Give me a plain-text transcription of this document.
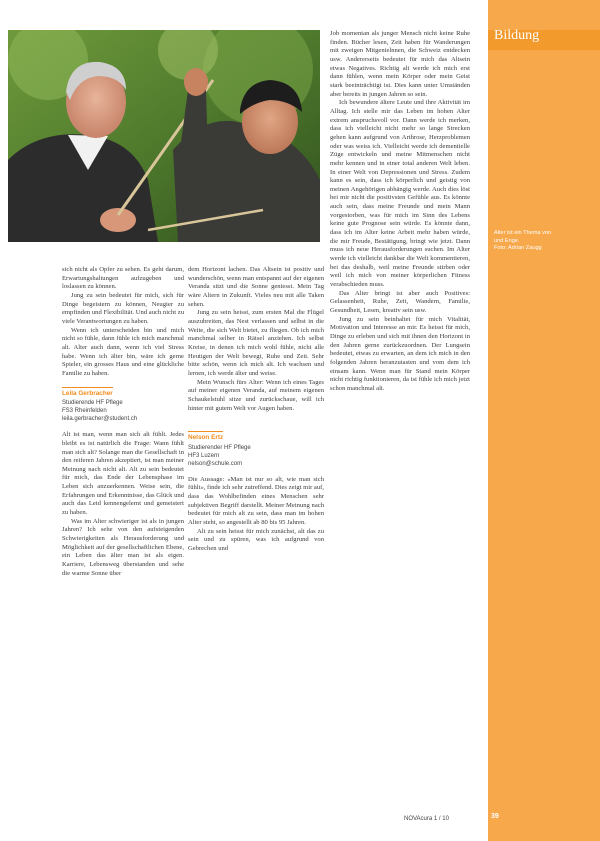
sich nicht als Opfer zu sehen. Es geht darum, Erwartungshaltungen aufzugeben und loslassen zu können.

Jung zu sein bedeutet für mich, sich für Dinge begeistern zu können, Neugier zu empfinden und Flexibilität. Und auch nicht zu viele Verantwortungen zu haben.

Wenn ich unterscheiden bin und mich nicht so fühle, dann fühle ich mich manchmal alt. Alter auch dann, wenn ich viel Stress habe. Wenn ich älter bin, wäre ich gerne Spieler, ein grosses Haus und eine glückliche Familie zu haben.

Leila Gerbracher
Studierende HF Pflege
FS3 Rheinfelden
leila.gerbracher@student.ch

Alt ist man, wenn man sich alt fühlt. Jedes bleibt es ist natürlich die Frage: Wann fühlt man sich alt? Solange man die Gesellschaft in den reiferen Jahren akzeptiert, ist man meiner Meinung nach nicht alt. Alt zu sein bedeutet für mich, das Ende der Lebensphase im Leben sich anzuerkennen. Weise sein, die Erfahrungen und Erkenntnisse, das Glück und auch das Leid kennengelernt und gemeistert zu haben.

Was im Alter schwieriger ist als in jungen Jahren? Ich sehe von den aufsteigenden Schwierigkeiten als Herausforderung und Möglichkeit auf der gesellschaftlichen Ebene, ein Leben das älter man ist als eigen. Karriere, Lebensweg überstanden und sehe die warme Sonne über

dem Horizont lachen. Das Altsein ist positiv und wunderschön, wenn man entspannt auf der eigenen Veranda sitzt und die Sonne geniesst. Mein Tag wäre Altern in Zukunft. Vieles neu mit alle Taken sehen.

Jung zu sein heisst, zum ersten Mal die Flügel auszubreiten, das Nest verlassen und selbst in die Weite, die sich Welt bietet, zu fliegen. Ob ich mich manchmal selber in Rätsel anziehen. Ich selbst Kreise, in denen ich mich wohl fühle, nicht alle Heutigen der Welt bewegt, Ruhe und Zeit. Sehr bitte schön, wenn ich mich alt. Ich wachsen und lernen, ich werde älter und weise.

Mein Wunsch fürs Alter: Wenn ich eines Tages auf meiner eigenen Veranda, auf meinem eigenen Schaukelstuhl sitze und zurückschaue, will ich hinter mit gutem Welt vor Augen haben.

Nelson Ertz
Studierender HF Pflege
HF3 Luzern
nelson@schule.com

Die Aussage: «Man ist nur so alt, wie man sich fühlt», finde ich sehr zutreffend. Dies zeigt mir auf, dass das Wohlbefinden eines Menschen sehr subjektiven Begriff darstellt. Meiner Meinung nach bedeutet für mich alt zu sein, dass man im hohen Alter steht, so angestellt ab 80 bis 95 Jahren.

Alt zu sein heisst für mich zunächst, alt das zu sein und zu spüren, was ich aufgrund von Gebrechen und

Job momentan als junger Mensch nicht keine Ruhe finden. Bücher lesen, Zeit haben für Wanderungen mit zweigen Mitgenielnnen, die Schweiz entdecken usw. Andererseits bedeutet für mich das Altsein etwas Negatives. Richtig alt werde ich mich erst dann fühlen, wenn mein Körper oder mein Geist stark beeinträchtigt ist. Dies kann unter Umständen aber bereits in jungen Jahren so sein.

Ich bewundere ältere Leute und ihre Aktivität im Alltag. Ich stelle mir das Leben im hohen Alter extrem anspruchsvoll vor. Dann werde ich merken, dass ich vielleicht nicht mehr so lange Strecken gehen kann aufgrund von Arthrose, Herzproblemen oder was weiss ich. Vielleicht werde ich dementielle Züge entwickeln und meine Mitmenschen nicht mehr kennen und in einer total anderen Welt leben. In einer Welt von Depressionen und Stress. Zudem kann es sein, dass ich körperlich und geistig von meinen Angehörigen abhängig werde. Auch dies löst bei mir nicht die positivsten Gefühle aus. Es könnte auch sein, dass meine Freunde und mein Mann vorgestorben, was für mich im Sinn des Lebens keine gute Prognose sein würde. Es könnte dann, dass ich im Alter keine Arbeit mehr haben würde, die mir Freude, Bestätigung, bringt wie jetzt. Dann muss ich neue Herausforderungen suchen. Im Alter werde ich vielleicht dankbar die Welt kommentieren, bei das deshalb, weil meine Freunde stirben oder weil ich mich von meiner körperlichen Fitness verabschieden muss.

Das Alter bringt ist aber auch Positives: Gelassenheit, Ruhe, Zeit, Wandern, Familie, Gesundheit, Lesen, kreativ sein usw.

Jung zu sein beinhaltet für mich Vitalität, Motivation und Interesse an mir. Es heisst für mich, Dinge zu erleben und sich mit ihnen den Horizont in den Jahren gerne zurückzuordnen. Der Lungsein bedeutet, etwas zu erwarten, an dem ich mich in den folgenden Jahren heranzutasten und vom dem ich einsam kann. Wenn man für Stand mein Körper nicht richtig funktionieren, da ist fühle ich mich jetzt schon manchmal alt.

Bildung
Alter ist ein Thema von
und Enge.
Foto: Adrian Zaugg
NOVAcura 1 / 10	39
